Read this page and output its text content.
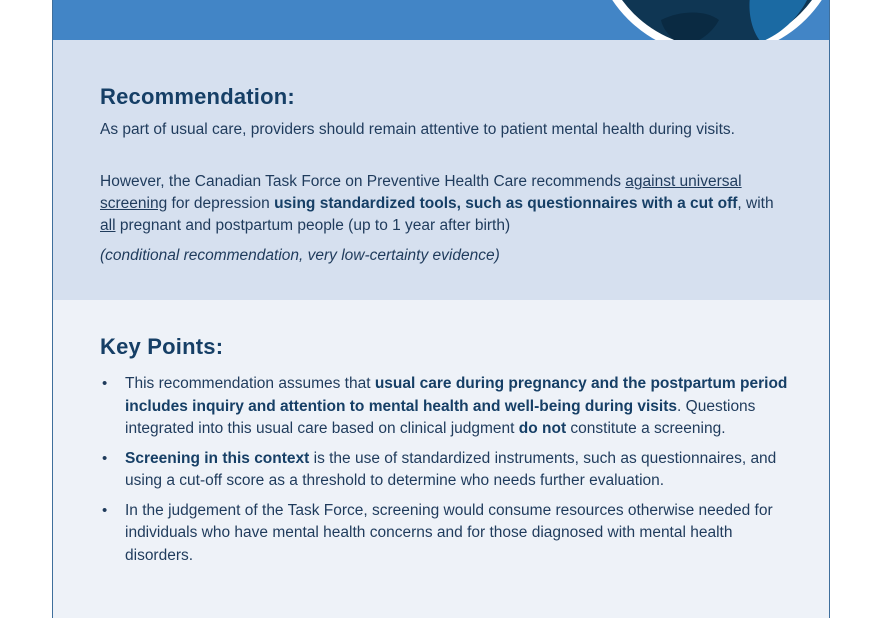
Recommendation:

As part of usual care, providers should remain attentive to patient mental health during visits.

However, the Canadian Task Force on Preventive Health Care recommends against universal screening for depression using standardized tools, such as questionnaires with a cut off, with all pregnant and postpartum people (up to 1 year after birth)

(conditional recommendation, very low-certainty evidence)

Key Points:
• This recommendation assumes that usual care during pregnancy and the postpartum period includes inquiry and attention to mental health and well-being during visits. Questions integrated into this usual care based on clinical judgment do not constitute a screening.
• Screening in this context is the use of standardized instruments, such as questionnaires, and using a cut-off score as a threshold to determine who needs further evaluation.
• In the judgement of the Task Force, screening would consume resources otherwise needed for individuals who have mental health concerns and for those diagnosed with mental health disorders.
